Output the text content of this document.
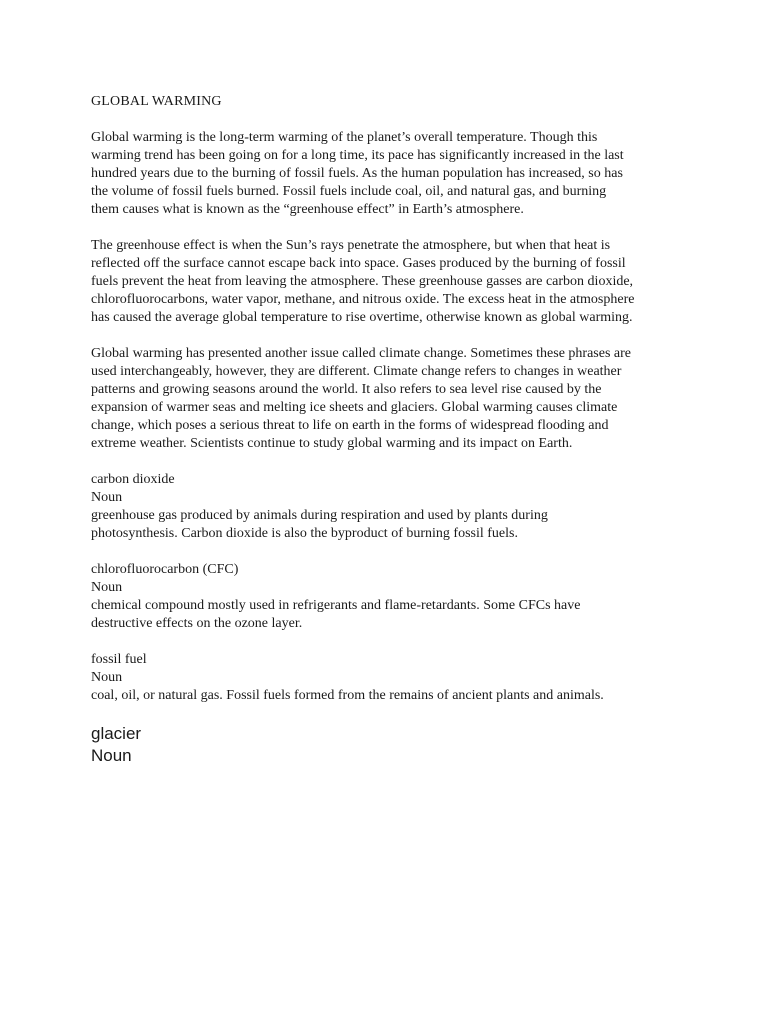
GLOBAL WARMING
Global warming is the long-term warming of the planet’s overall temperature. Though this
warming trend has been going on for a long time, its pace has significantly increased in the last
hundred years due to the burning of fossil fuels. As the human population has increased, so has
the volume of fossil fuels burned. Fossil fuels include coal, oil, and natural gas, and burning
them causes what is known as the “greenhouse effect” in Earth’s atmosphere.
The greenhouse effect is when the Sun’s rays penetrate the atmosphere, but when that heat is
reflected off the surface cannot escape back into space. Gases produced by the burning of fossil
fuels prevent the heat from leaving the atmosphere. These greenhouse gasses are carbon dioxide,
chlorofluorocarbons, water vapor, methane, and nitrous oxide. The excess heat in the atmosphere
has caused the average global temperature to rise overtime, otherwise known as global warming.
Global warming has presented another issue called climate change. Sometimes these phrases are
used interchangeably, however, they are different. Climate change refers to changes in weather
patterns and growing seasons around the world. It also refers to sea level rise caused by the
expansion of warmer seas and melting ice sheets and glaciers. Global warming causes climate
change, which poses a serious threat to life on earth in the forms of widespread flooding and
extreme weather. Scientists continue to study global warming and its impact on Earth.
carbon dioxide
Noun
greenhouse gas produced by animals during respiration and used by plants during
photosynthesis. Carbon dioxide is also the byproduct of burning fossil fuels.
chlorofluorocarbon (CFC)
Noun
chemical compound mostly used in refrigerants and flame-retardants. Some CFCs have
destructive effects on the ozone layer.
fossil fuel
Noun
coal, oil, or natural gas. Fossil fuels formed from the remains of ancient plants and animals.
glacier
Noun
